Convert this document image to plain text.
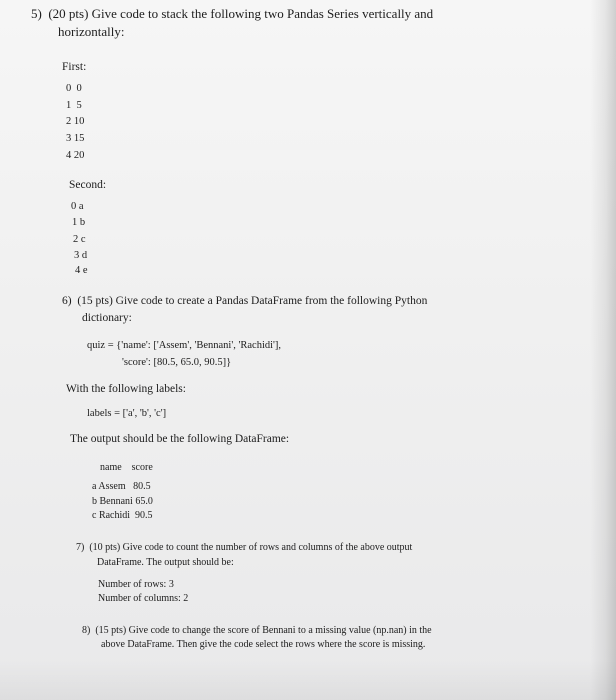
5)  (20 pts) Give code to stack the following two Pandas Series vertically and
horizontally:
First:
0  0
1  5
2 10
3 15
4 20
Second:
0 a
1 b
2 c
3 d
4 e
6)  (15 pts) Give code to create a Pandas DataFrame from the following Python
dictionary:
quiz = {'name': ['Assem', 'Bennani', 'Rachidi'],
'score': [80.5, 65.0, 90.5]}
With the following labels:
labels = ['a', 'b', 'c']
The output should be the following DataFrame:
name    score
a Assem   80.5
b Bennani 65.0
c Rachidi  90.5
7)  (10 pts) Give code to count the number of rows and columns of the above output
DataFrame. The output should be:
Number of rows: 3
Number of columns: 2
8)  (15 pts) Give code to change the score of Bennani to a missing value (np.nan) in the
above DataFrame. Then give the code select the rows where the score is missing.
